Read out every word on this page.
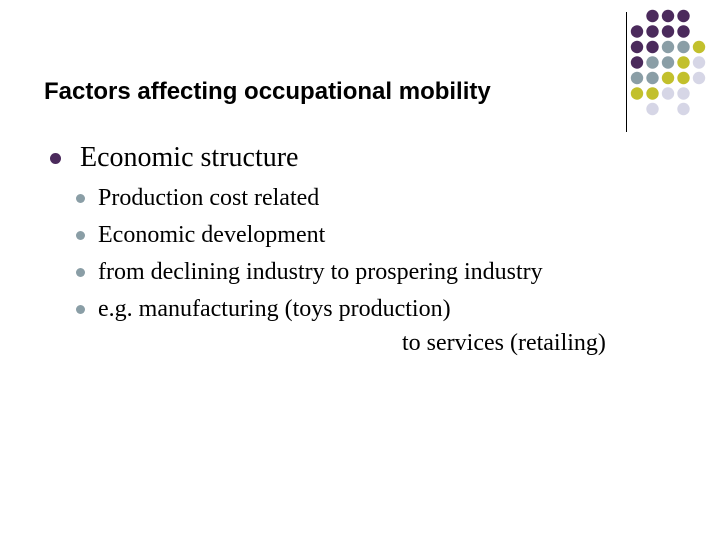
Factors affecting occupational mobility
Economic structure
Production cost related
Economic development
from declining industry to prospering industry
e.g. manufacturing (toys production)
to services (retailing)
